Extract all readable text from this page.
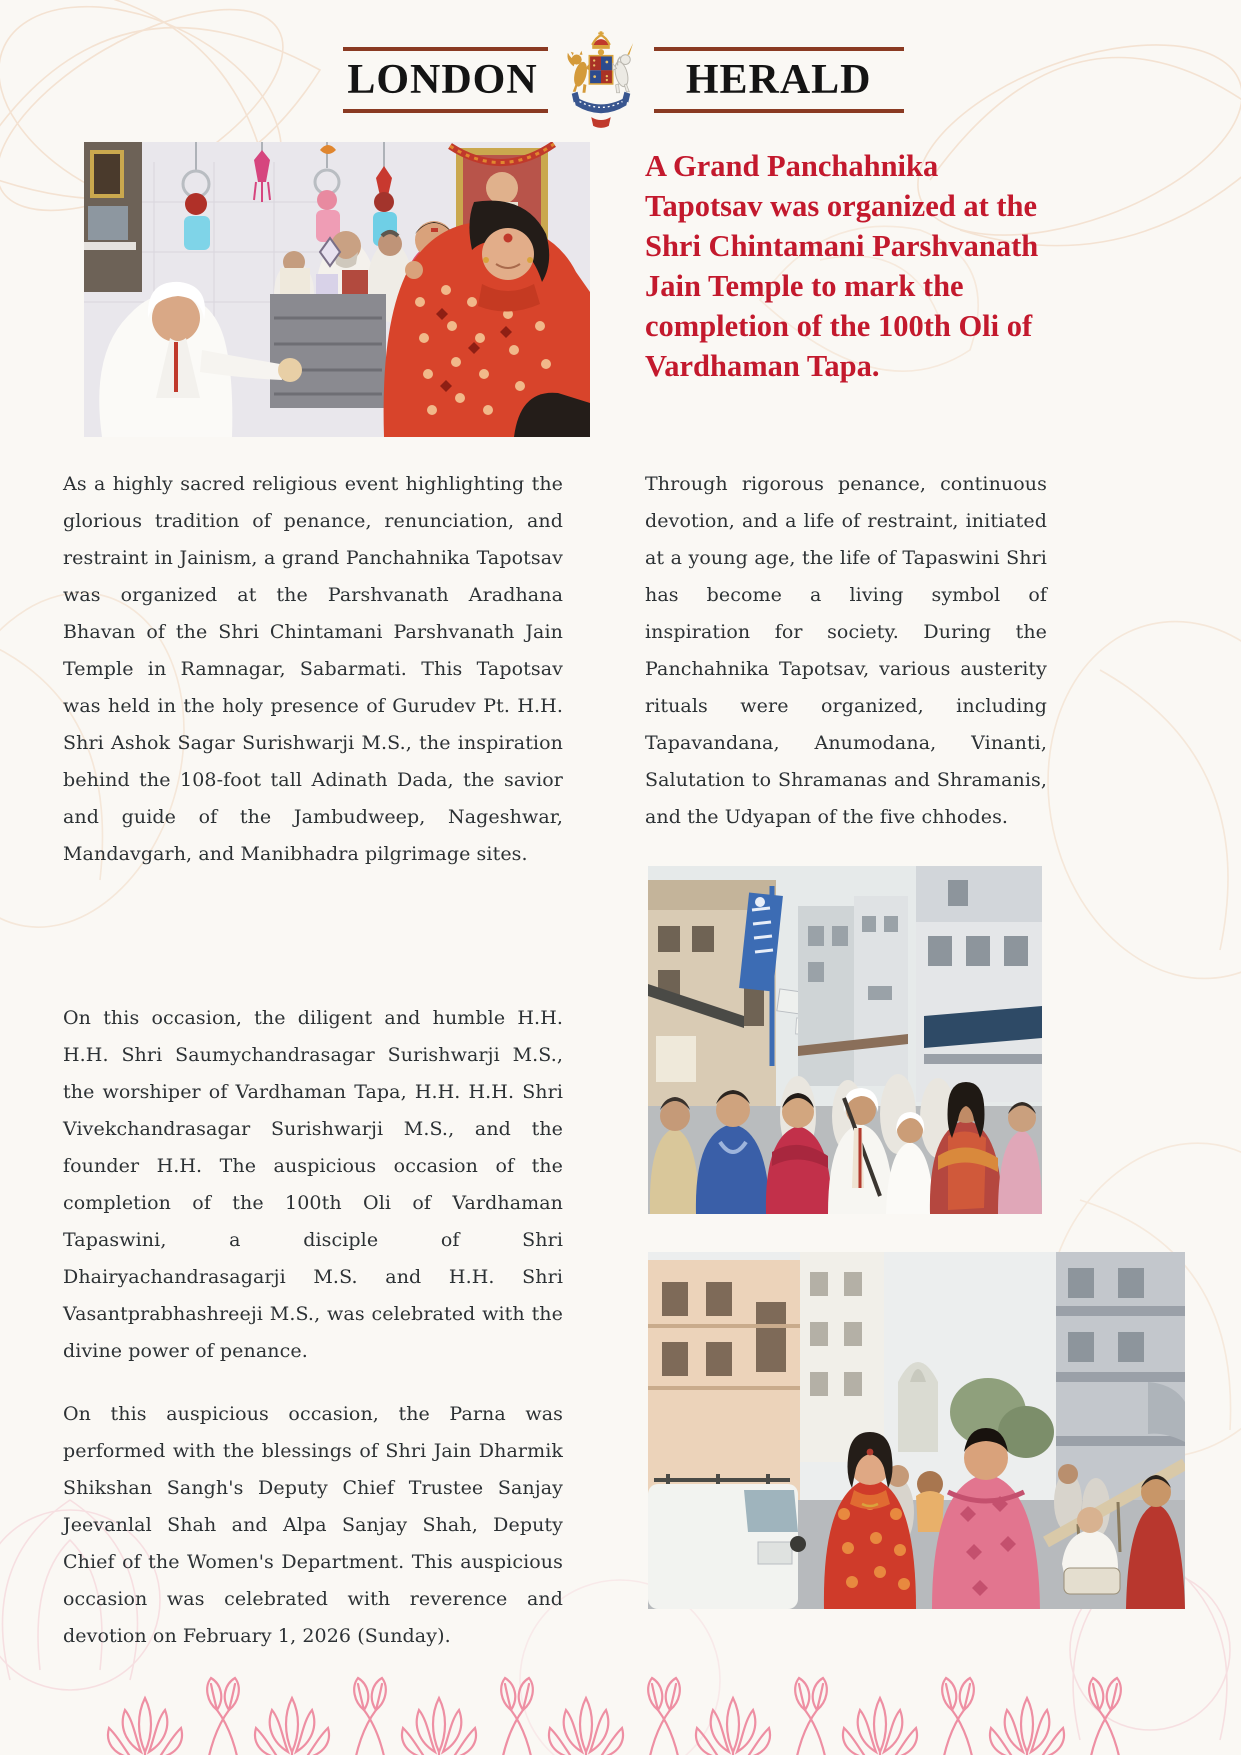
LONDON	HERALD
A Grand Panchahnika Tapotsav was organized at the Shri Chintamani Parshvanath Jain Temple to mark the completion of the 100th Oli of Vardhaman Tapa.

As a highly sacred religious event highlighting the glorious tradition of penance, renunciation, and restraint in Jainism, a grand Panchahnika Tapotsav was organized at the Parshvanath Aradhana Bhavan of the Shri Chintamani Parshvanath Jain Temple in Ramnagar, Sabarmati. This Tapotsav was held in the holy presence of Gurudev Pt. H.H. Shri Ashok Sagar Surishwarji M.S., the inspiration behind the 108-foot tall Adinath Dada, the savior and guide of the Jambudweep, Nageshwar, Mandavgarh, and Manibhadra pilgrimage sites.

On this occasion, the diligent and humble H.H. H.H. Shri Saumychandrasagar Surishwarji M.S., the worshiper of Vardhaman Tapa, H.H. H.H. Shri Vivekchandrasagar Surishwarji M.S., and the founder H.H. The auspicious occasion of the completion of the 100th Oli of Vardhaman Tapaswini, a disciple of Shri Dhairyachandrasagarji M.S. and H.H. Shri Vasantprabhashreeji M.S., was celebrated with the divine power of penance.

On this auspicious occasion, the Parna was performed with the blessings of Shri Jain Dharmik Shikshan Sangh's Deputy Chief Trustee Sanjay Jeevanlal Shah and Alpa Sanjay Shah, Deputy Chief of the Women's Department. This auspicious occasion was celebrated with reverence and devotion on February 1, 2026 (Sunday).

Through rigorous penance, continuous devotion, and a life of restraint, initiated at a young age, the life of Tapaswini Shri has become a living symbol of inspiration for society. During the Panchahnika Tapotsav, various austerity rituals were organized, including Tapavandana, Anumodana, Vinanti, Salutation to Shramanas and Shramanis, and the Udyapan of the five chhodes.
